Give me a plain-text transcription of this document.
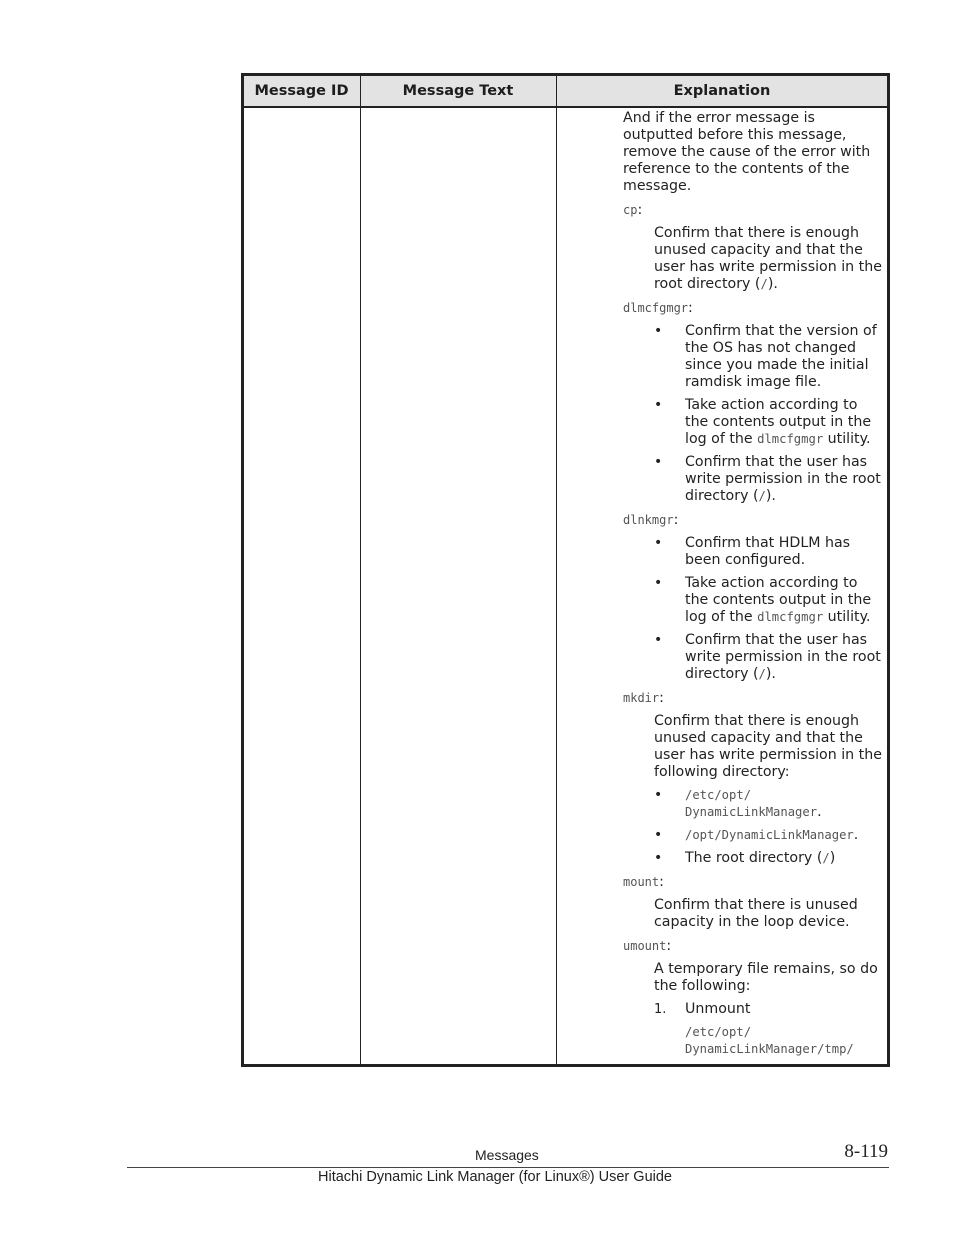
Message ID	Message Text	Explanation

And if the error message is outputted before this message, remove the cause of the error with reference to the contents of the message.

cp:

Confirm that there is enough unused capacity and that the user has write permission in the root directory (/).

dlmcfgmgr:
• Confirm that the version of the OS has not changed since you made the initial ramdisk image file.
• Take action according to the contents output in the log of the dlmcfgmgr utility.
• Confirm that the user has write permission in the root directory (/).
dlnkmgr:
• Confirm that HDLM has been configured.
• Take action according to the contents output in the log of the dlmcfgmgr utility.
• Confirm that the user has write permission in the root directory (/).
mkdir:

Confirm that there is enough unused capacity and that the user has write permission in the following directory:

• /etc/opt/
DynamicLinkManager.
• /opt/DynamicLinkManager.
• The root directory (/)
mount:

Confirm that there is unused capacity in the loop device.

umount:

A temporary file remains, so do the following:

1. Unmount
/etc/opt/
DynamicLinkManager/tmp/
Messages	8-119
Hitachi Dynamic Link Manager (for Linux®) User Guide
